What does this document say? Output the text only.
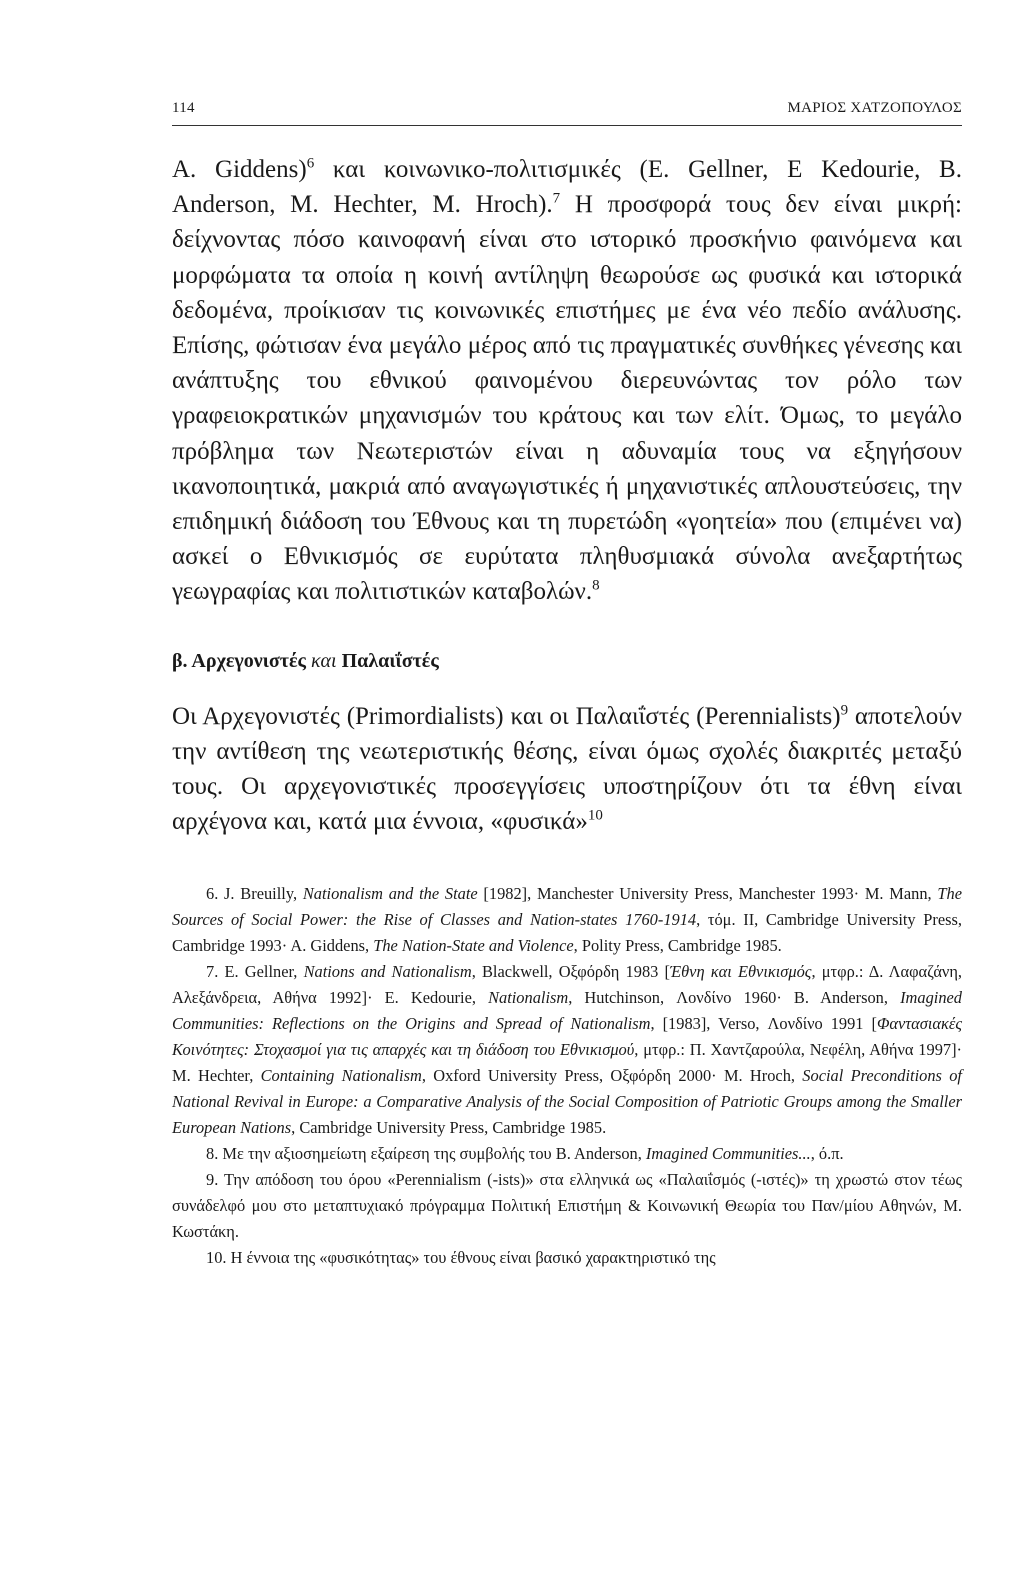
114	ΜΑΡΙΟΣ ΧΑΤΖΟΠΟΥΛΟΣ

A. Giddens)$^6$ και κοινωνικο-πολιτισμικές (E. Gellner, E Kedourie, B. Anderson, M. Hechter, M. Hroch).$^7$ Η προσφορά τους δεν είναι μικρή: δείχνοντας πόσο καινοφανή είναι στο ιστορικό προσκήνιο φαινόμενα και μορφώματα τα οποία η κοινή αντίληψη θεωρούσε ως φυσικά και ιστορικά δεδομένα, προίκισαν τις κοινωνικές επιστήμες με ένα νέο πεδίο ανάλυσης. Επίσης, φώτισαν ένα μεγάλο μέρος από τις πραγματικές συνθήκες γένεσης και ανάπτυξης του εθνικού φαινομένου διερευνώντας τον ρόλο των γραφειοκρατικών μηχανισμών του κράτους και των ελίτ. Όμως, το μεγάλο πρόβλημα των Νεωτεριστών είναι η αδυναμία τους να εξηγήσουν ικανοποιητικά, μακριά από αναγωγιστικές ή μηχανιστικές απλουστεύσεις, την επιδημική διάδοση του Έθνους και τη πυρετώδη «γοητεία» που (επιμένει να) ασκεί ο Εθνικισμός σε ευρύτατα πληθυσμιακά σύνολα ανεξαρτήτως γεωγραφίας και πολιτιστικών καταβολών.$^8$

β. Αρχεγονιστές και Παλαιΐστές

Οι Αρχεγονιστές (Primordialists) και οι Παλαιΐστές (Perennialists)$^9$ αποτελούν την αντίθεση της νεωτεριστικής θέσης, είναι όμως σχολές διακριτές μεταξύ τους. Οι αρχεγονιστικές προσεγγίσεις υποστηρίζουν ότι τα έθνη είναι αρχέγονα και, κατά μια έννοια, «φυσικά»$^{10}$

6. J. Breuilly, Nationalism and the State [1982], Manchester University Press, Manchester 1993· M. Mann, The Sources of Social Power: the Rise of Classes and Nation-states 1760-1914, τόμ. ΙΙ, Cambridge University Press, Cambridge 1993· A. Giddens, The Nation-State and Violence, Polity Press, Cambridge 1985.

7. E. Gellner, Nations and Nationalism, Blackwell, Οξφόρδη 1983 [Έθνη και Εθνικισμός, μτφρ.: Δ. Λαφαζάνη, Αλεξάνδρεια, Αθήνα 1992]· E. Kedourie, Nationalism, Hutchinson, Λονδίνο 1960· B. Anderson, Imagined Communities: Reflections on the Origins and Spread of Nationalism, [1983], Verso, Λονδίνο 1991 [Φαντασιακές Κοινότητες: Στοχασμοί για τις απαρχές και τη διάδοση του Εθνικισμού, μτφρ.: Π. Χαντζαρούλα, Νεφέλη, Αθήνα 1997]· M. Hechter, Containing Nationalism, Oxford University Press, Οξφόρδη 2000· M. Hroch, Social Preconditions of National Revival in Europe: a Comparative Analysis of the Social Composition of Patriotic Groups among the Smaller European Nations, Cambridge University Press, Cambridge 1985.

8. Με την αξιοσημείωτη εξαίρεση της συμβολής του B. Anderson, Imagined Communities..., ό.π.

9. Την απόδοση του όρου «Perennialism (-ists)» στα ελληνικά ως «Παλαιΐσμός (-ιστές)» τη χρωστώ στον τέως συνάδελφό μου στο μεταπτυχιακό πρόγραμμα Πολιτική Επιστήμη & Κοινωνική Θεωρία του Παν/μίου Αθηνών, Μ. Κωστάκη.

10. Η έννοια της «φυσικότητας» του έθνους είναι βασικό χαρακτηριστικό της
